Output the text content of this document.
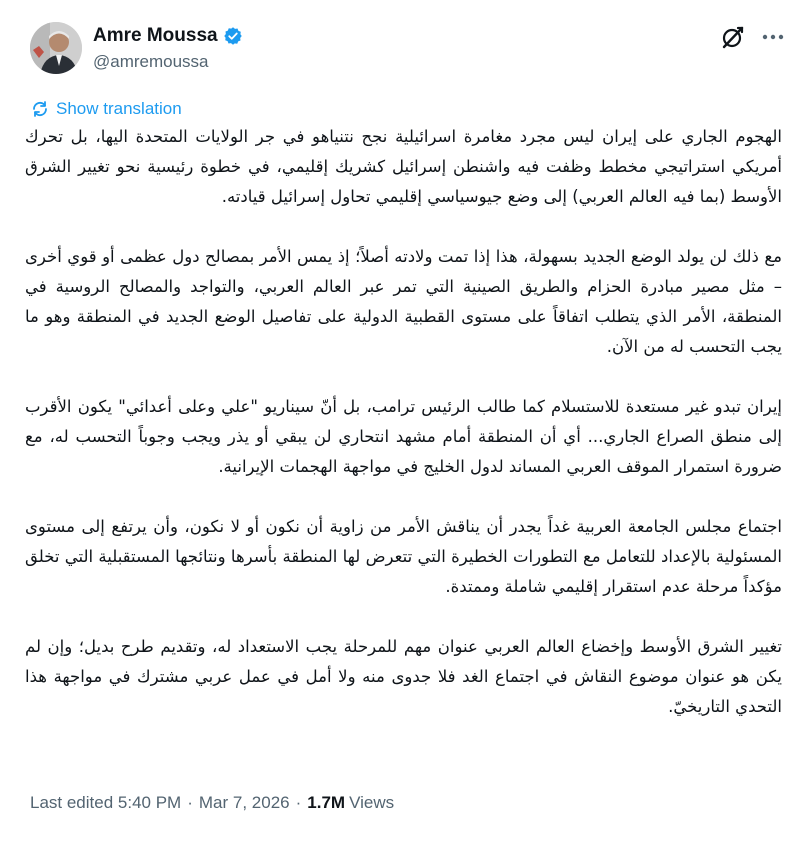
Amre Moussa
@amremoussa
Show translation

الهجوم الجاري على إيران ليس مجرد مغامرة اسرائيلية نجح نتنياهو في جر الولايات المتحدة اليها، بل تحرك أمريكي استراتيجي مخطط وظفت فيه واشنطن إسرائيل كشريك إقليمي، في خطوة رئيسية نحو تغيير الشرق الأوسط (بما فيه العالم العربي) إلى وضع جيوسياسي إقليمي تحاول إسرائيل قيادته.

مع ذلك لن يولد الوضع الجديد بسهولة، هذا إذا تمت ولادته أصلاً؛ إذ يمس الأمر بمصالح دول عظمى أو قوي أخرى – مثل مصير مبادرة الحزام والطريق الصينية التي تمر عبر العالم العربي، والتواجد والمصالح الروسية في المنطقة، الأمر الذي يتطلب اتفاقاً على مستوى القطبية الدولية على تفاصيل الوضع الجديد في المنطقة وهو ما يجب التحسب له من الآن.

إيران تبدو غير مستعدة للاستسلام كما طالب الرئيس ترامب، بل أنّ سيناريو "علي وعلى أعدائي" يكون الأقرب إلى منطق الصراع الجاري... أي أن المنطقة أمام مشهد انتحاري لن يبقي أو يذر ويجب وجوباً التحسب له، مع ضرورة استمرار الموقف العربي المساند لدول الخليج في مواجهة الهجمات الإيرانية.

اجتماع مجلس الجامعة العربية غداً يجدر أن يناقش الأمر من زاوية أن نكون أو لا نكون، وأن يرتفع إلى مستوى المسئولية بالإعداد للتعامل مع التطورات الخطيرة التي تتعرض لها المنطقة بأسرها ونتائجها المستقبلية التي تخلق مؤكداً مرحلة عدم استقرار إقليمي شاملة وممتدة.

تغيير الشرق الأوسط وإخضاع العالم العربي عنوان مهم للمرحلة يجب الاستعداد له، وتقديم طرح بديل؛ وإن لم يكن هو عنوان موضوع النقاش في اجتماع الغد فلا جدوى منه ولا أمل في عمل عربي مشترك في مواجهة هذا التحدي التاريخيّ.

Last edited 5:40 PM · Mar 7, 2026 · 1.7M Views
